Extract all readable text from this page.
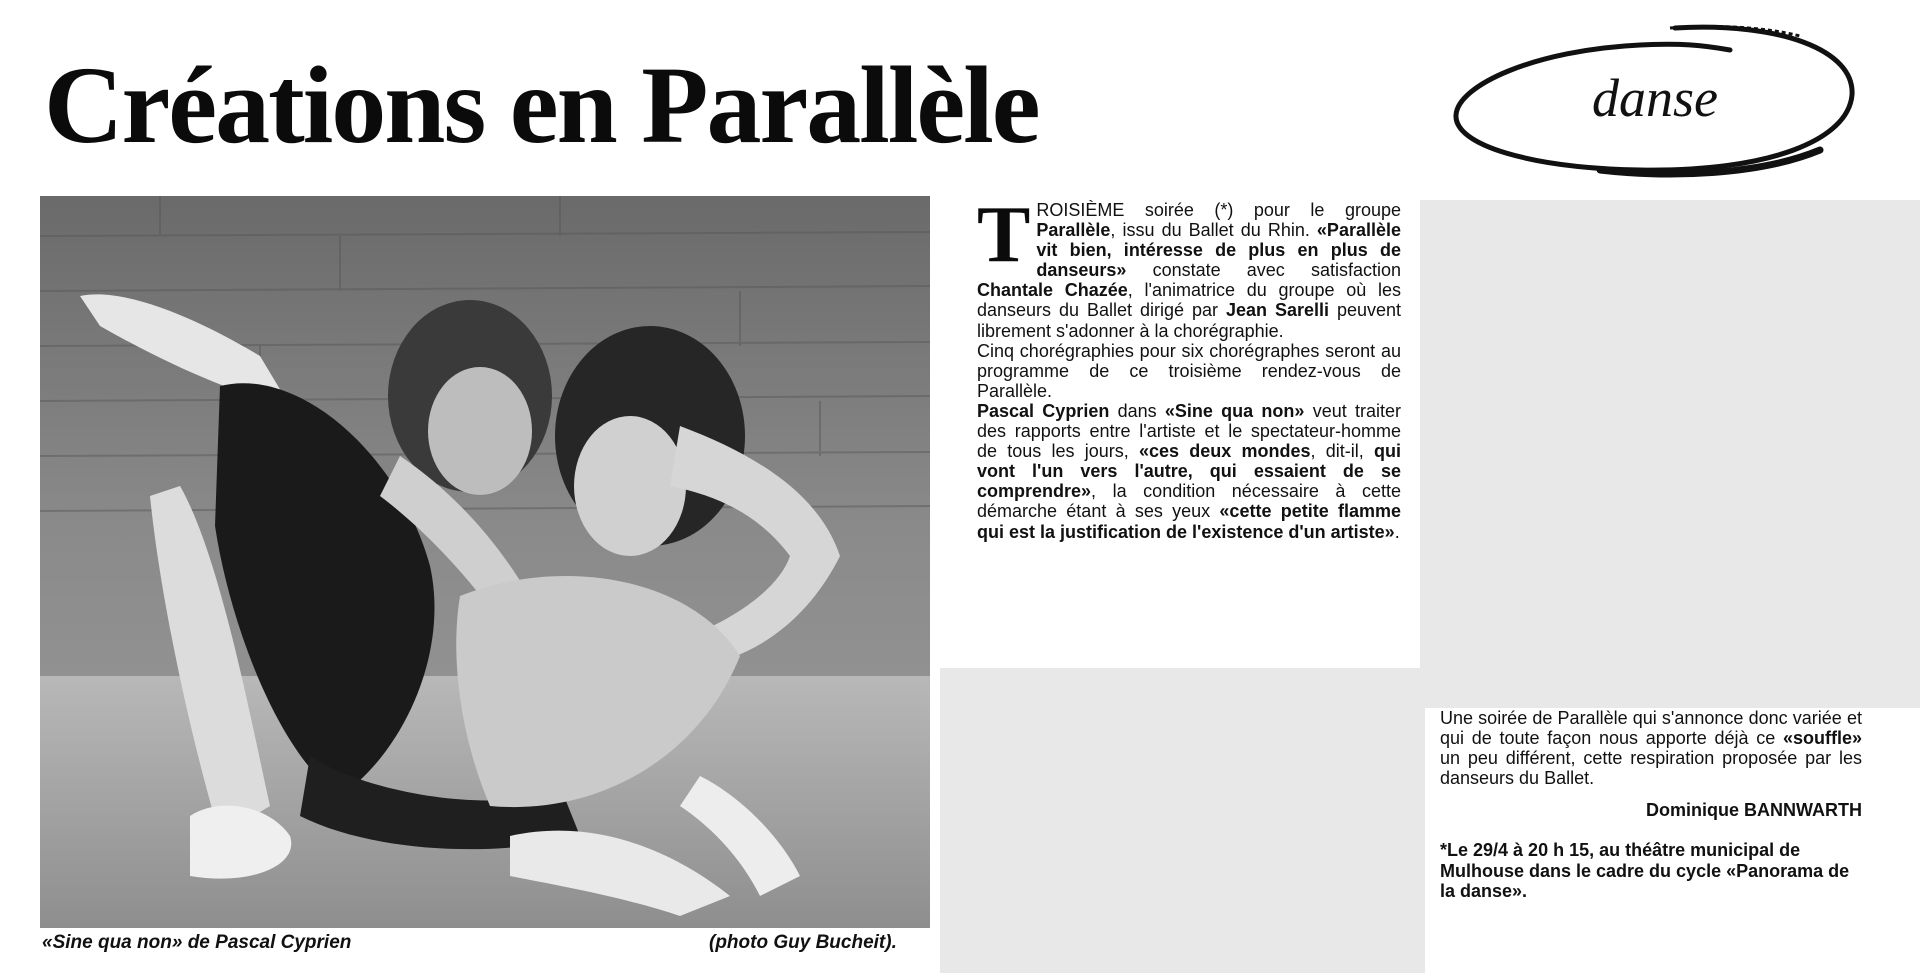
Créations en Parallèle	danse
«Sine qua non» de Pascal Cyprien	(photo Guy Bucheit).
T ROISIÈME soirée (*) pour le groupe Parallèle, issu du Ballet du Rhin. «Parallèle vit bien, intéresse de plus en plus de danseurs» constate avec satisfaction Chantale Chazée, l'animatrice du groupe où les danseurs du Ballet dirigé par Jean Sarelli peuvent librement s'adonner à la chorégraphie.

Cinq chorégraphies pour six chorégraphes seront au programme de ce troisième rendez-vous de Parallèle.

Pascal Cyprien dans «Sine qua non» veut traiter des rapports entre l'artiste et le spectateur-homme de tous les jours, «ces deux mondes, dit-il, qui vont l'un vers l'autre, qui essaient de se comprendre», la condition nécessaire à cette démarche étant à ses yeux «cette petite flamme qui est la justification de l'existence d'un artiste».

Une soirée de Parallèle qui s'annonce donc variée et qui de toute façon nous apporte déjà ce «souffle» un peu différent, cette respiration proposée par les danseurs du Ballet.

Dominique BANNWARTH

*Le 29/4 à 20 h 15, au théâtre municipal de Mulhouse dans le cadre du cycle «Panorama de la danse».
